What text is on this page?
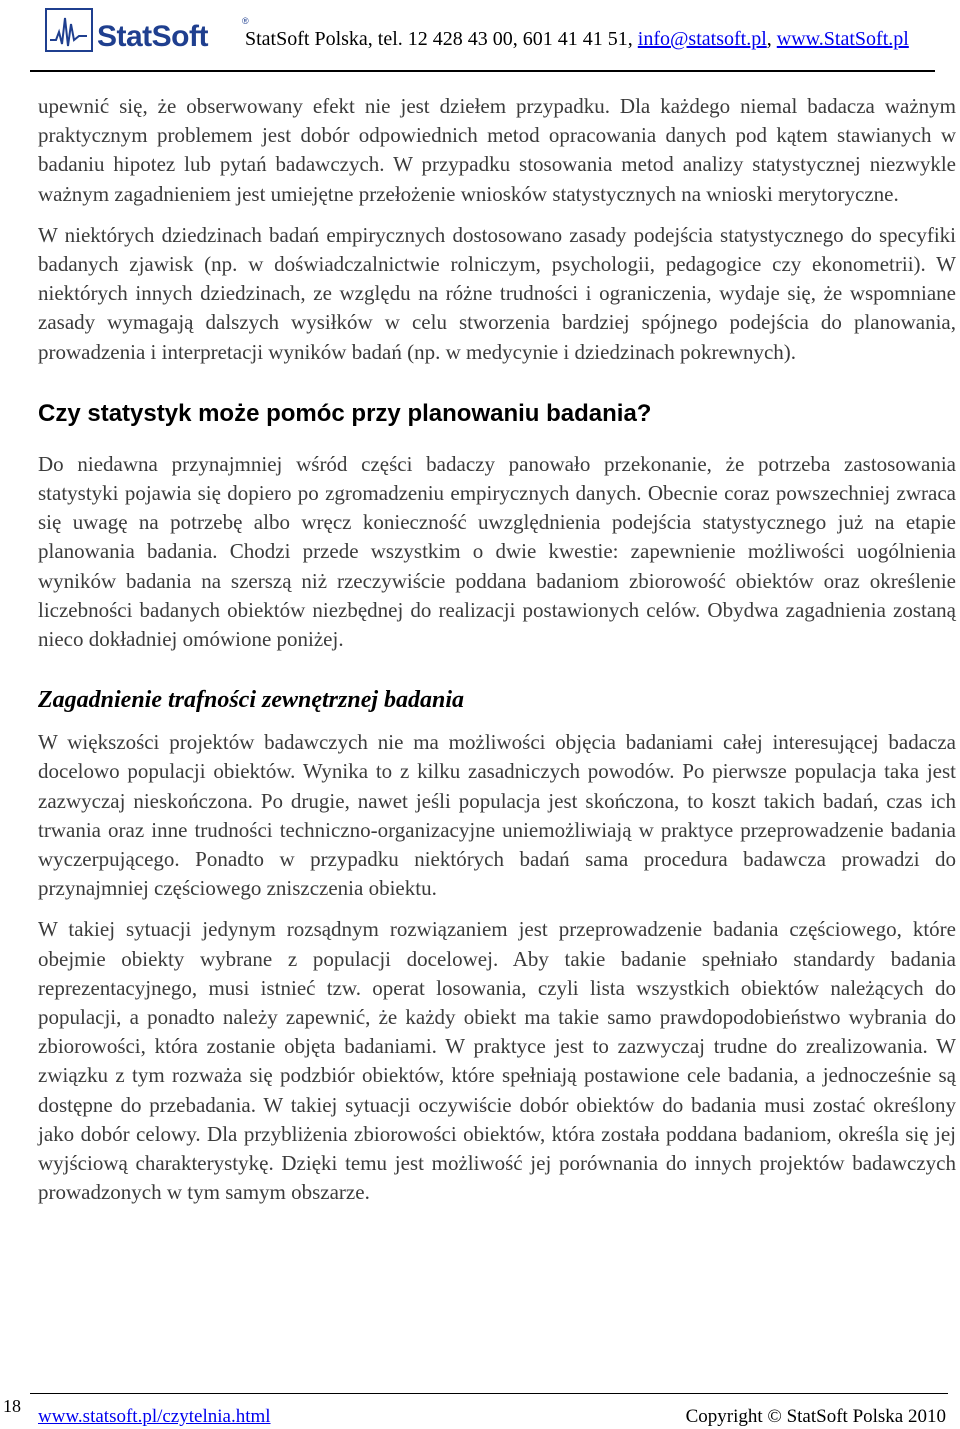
StatSoft	®
StatSoft Polska, tel. 12 428 43 00, 601 41 41 51, info@statsoft.pl, www.StatSoft.pl

upewnić się, że obserwowany efekt nie jest dziełem przypadku. Dla każdego niemal badacza ważnym praktycznym problemem jest dobór odpowiednich metod opracowania danych pod kątem stawianych w badaniu hipotez lub pytań badawczych. W przypadku stosowania metod analizy statystycznej niezwykle ważnym zagadnieniem jest umiejętne przełożenie wniosków statystycznych na wnioski merytoryczne.

W niektórych dziedzinach badań empirycznych dostosowano zasady podejścia statystycznego do specyfiki badanych zjawisk (np. w doświadczalnictwie rolniczym, psychologii, pedagogice czy ekonometrii). W niektórych innych dziedzinach, ze względu na różne trudności i ograniczenia, wydaje się, że wspomniane zasady wymagają dalszych wysiłków w celu stworzenia bardziej spójnego podejścia do planowania, prowadzenia i interpretacji wyników badań (np. w medycynie i dziedzinach pokrewnych).

Czy statystyk może pomóc przy planowaniu badania?

Do niedawna przynajmniej wśród części badaczy panowało przekonanie, że potrzeba zastosowania statystyki pojawia się dopiero po zgromadzeniu empirycznych danych. Obecnie coraz powszechniej zwraca się uwagę na potrzebę albo wręcz konieczność uwzględnienia podejścia statystycznego już na etapie planowania badania. Chodzi przede wszystkim o dwie kwestie: zapewnienie możliwości uogólnienia wyników badania na szerszą niż rzeczywiście poddana badaniom zbiorowość obiektów oraz określenie liczebności badanych obiektów niezbędnej do realizacji postawionych celów. Obydwa zagadnienia zostaną nieco dokładniej omówione poniżej.

Zagadnienie trafności zewnętrznej badania

W większości projektów badawczych nie ma możliwości objęcia badaniami całej interesującej badacza docelowo populacji obiektów. Wynika to z kilku zasadniczych powodów. Po pierwsze populacja taka jest zazwyczaj nieskończona. Po drugie, nawet jeśli populacja jest skończona, to koszt takich badań, czas ich trwania oraz inne trudności techniczno-organizacyjne uniemożliwiają w praktyce przeprowadzenie badania wyczerpującego. Ponadto w przypadku niektórych badań sama procedura badawcza prowadzi do przynajmniej częściowego zniszczenia obiektu.

W takiej sytuacji jedynym rozsądnym rozwiązaniem jest przeprowadzenie badania częściowego, które obejmie obiekty wybrane z populacji docelowej. Aby takie badanie spełniało standardy badania reprezentacyjnego, musi istnieć tzw. operat losowania, czyli lista wszystkich obiektów należących do populacji, a ponadto należy zapewnić, że każdy obiekt ma takie samo prawdopodobieństwo wybrania do zbiorowości, która zostanie objęta badaniami. W praktyce jest to zazwyczaj trudne do zrealizowania. W związku z tym rozważa się podzbiór obiektów, które spełniają postawione cele badania, a jednocześnie są dostępne do przebadania. W takiej sytuacji oczywiście dobór obiektów do badania musi zostać określony jako dobór celowy. Dla przybliżenia zbiorowości obiektów, która została poddana badaniom, określa się jej wyjściową charakterystykę. Dzięki temu jest możliwość jej porównania do innych projektów badawczych prowadzonych w tym samym obszarze.

18 www.statsoft.pl/czytelnia.html	Copyright © StatSoft Polska 2010
